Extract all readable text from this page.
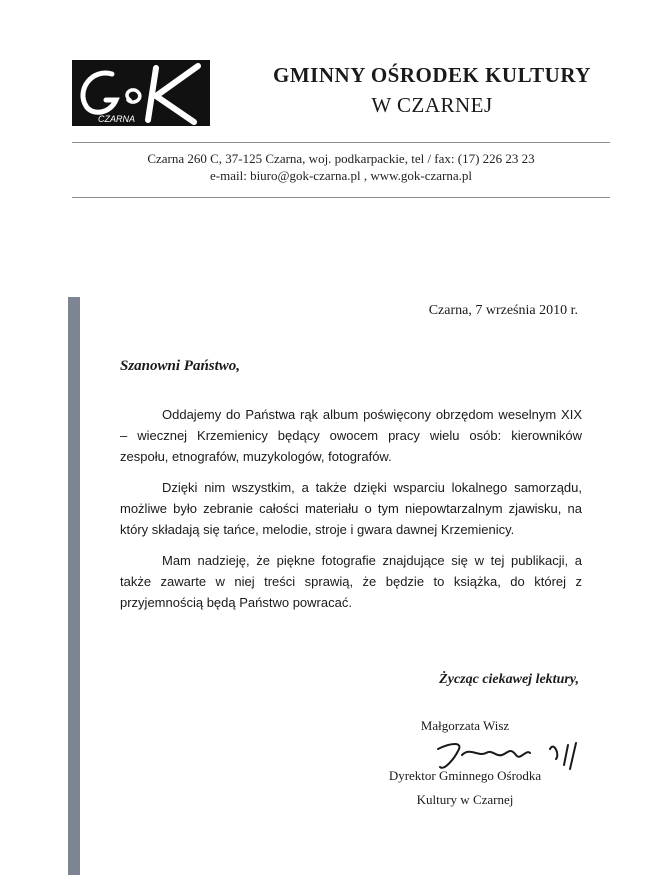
CZARNA
GMINNY OŚRODEK KULTURY
W CZARNEJ
Czarna 260 C, 37-125 Czarna, woj. podkarpackie, tel / fax: (17) 226 23 23
e-mail: biuro@gok-czarna.pl , www.gok-czarna.pl
Czarna, 7 września 2010 r.
Szanowni Państwo,

Oddajemy do Państwa rąk album poświęcony obrzędom weselnym XIX – wiecznej Krzemienicy będący owocem pracy wielu osób: kierowników zespołu, etnografów, muzykologów, fotografów.

Dzięki nim wszystkim, a także dzięki wsparciu lokalnego samorządu, możliwe było zebranie całości materiału o tym niepowtarzalnym zjawisku, na który składają się tańce, melodie, stroje i gwara dawnej Krzemienicy.

Mam nadzieję, że piękne fotografie znajdujące się w tej publikacji, a także zawarte w niej treści sprawią, że będzie to książka, do której z przyjemnością będą Państwo powracać.

Życząc ciekawej lektury,
Małgorzata Wisz
Dyrektor Gminnego Ośrodka
Kultury w Czarnej
